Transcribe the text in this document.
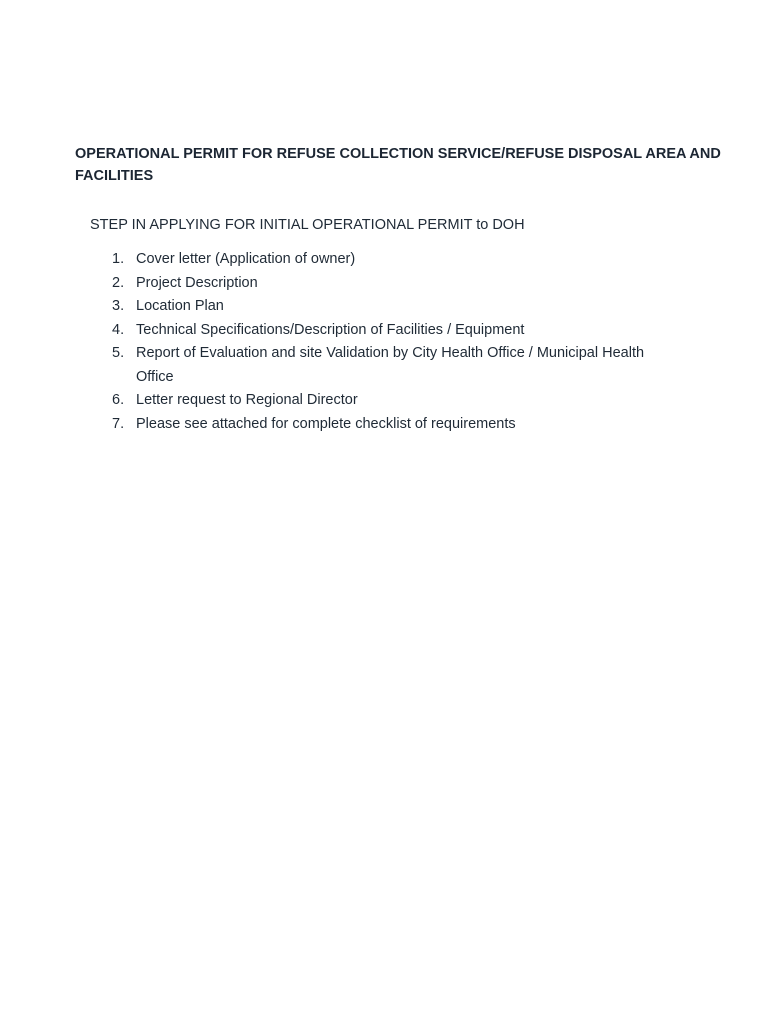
OPERATIONAL PERMIT FOR REFUSE COLLECTION SERVICE/REFUSE DISPOSAL AREA AND FACILITIES

STEP IN APPLYING FOR INITIAL OPERATIONAL PERMIT to DOH

1. Cover letter (Application of owner)
2. Project Description
3. Location Plan
4. Technical Specifications/Description of Facilities / Equipment
5. Report of Evaluation and site Validation by City Health Office / Municipal Health Office
6. Letter request to Regional Director
7. Please see attached for complete checklist of requirements
